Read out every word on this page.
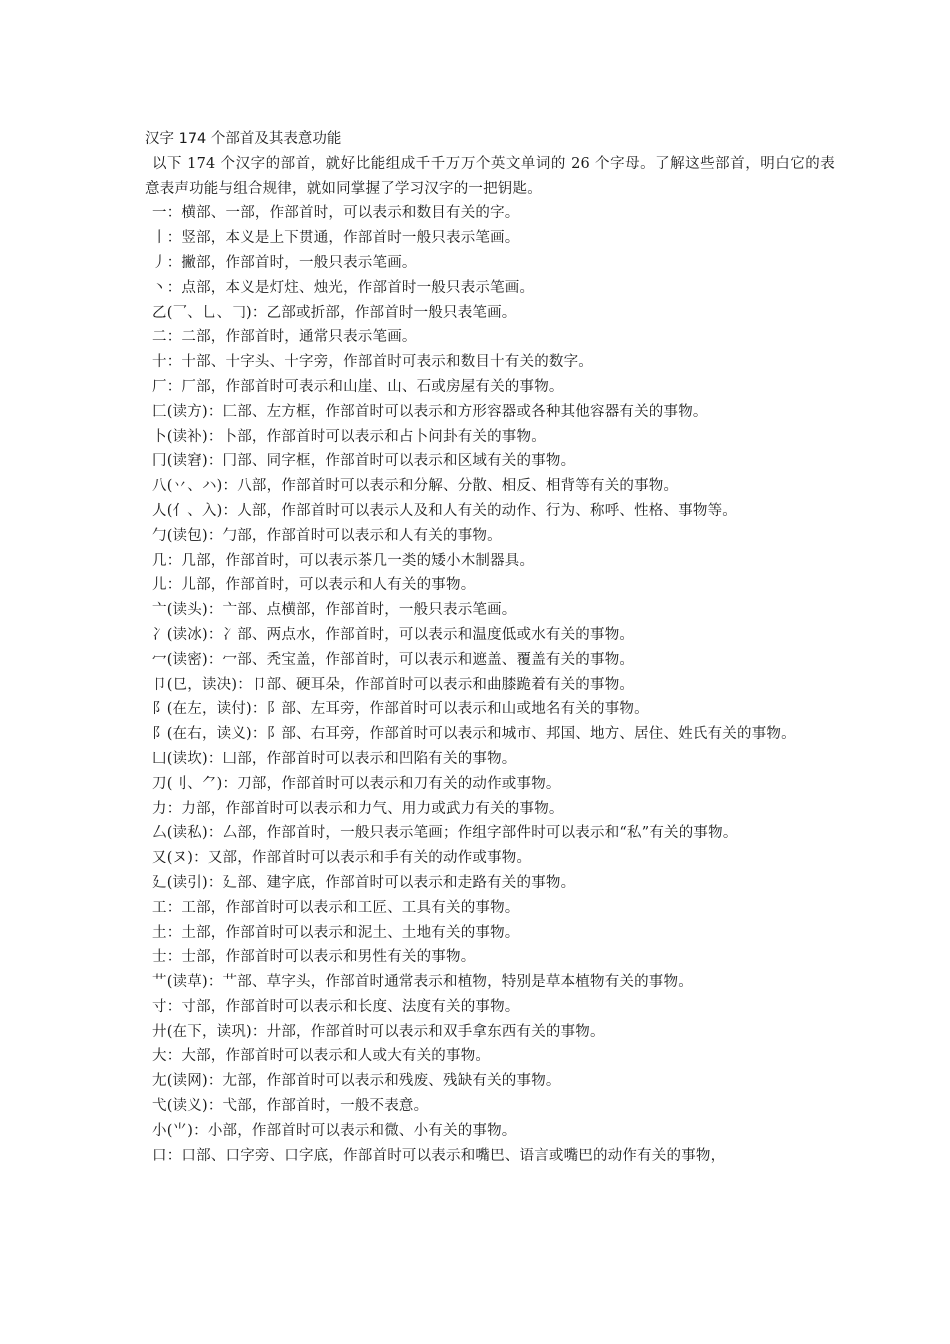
汉字 174 个部首及其表意功能

以下 174 个汉字的部首，就好比能组成千千万万个英文单词的 26 个字母。了解这些部首，明白它的表意表声功能与组合规律，就如同掌握了学习汉字的一把钥匙。

一：横部、一部，作部首时，可以表示和数目有关的字。

丨：竖部，本义是上下贯通，作部首时一般只表示笔画。

丿：撇部，作部首时，一般只表示笔画。

丶：点部，本义是灯炷、烛光，作部首时一般只表示笔画。

乙(乛、乚、𠃌)：乙部或折部，作部首时一般只表笔画。

二：二部，作部首时，通常只表示笔画。

十：十部、十字头、十字旁，作部首时可表示和数目十有关的数字。

厂：厂部，作部首时可表示和山崖、山、石或房屋有关的事物。

匚(读方)：匚部、左方框，作部首时可以表示和方形容器或各种其他容器有关的事物。

卜(读补)：卜部，作部首时可以表示和占卜问卦有关的事物。

冂(读窘)：冂部、同字框，作部首时可以表示和区域有关的事物。

八(丷、ハ)：八部，作部首时可以表示和分解、分散、相反、相背等有关的事物。

人(亻、入)：人部，作部首时可以表示人及和人有关的动作、行为、称呼、性格、事物等。

勹(读包)：勹部，作部首时可以表示和人有关的事物。

几：几部，作部首时，可以表示茶几一类的矮小木制器具。

儿：儿部，作部首时，可以表示和人有关的事物。

亠(读头)：亠部、点横部，作部首时，一般只表示笔画。

冫(读冰)：冫部、两点水，作部首时，可以表示和温度低或水有关的事物。

冖(读密)：冖部、秃宝盖，作部首时，可以表示和遮盖、覆盖有关的事物。

卩(㔾，读决)：卩部、硬耳朵，作部首时可以表示和曲膝跪着有关的事物。

阝(在左，读付)：阝部、左耳旁，作部首时可以表示和山或地名有关的事物。

阝(在右，读义)：阝部、右耳旁，作部首时可以表示和城市、邦国、地方、居住、姓氏有关的事物。

凵(读坎)：凵部，作部首时可以表示和凹陷有关的事物。

刀(刂、⺈)：刀部，作部首时可以表示和刀有关的动作或事物。

力：力部，作部首时可以表示和力气、用力或武力有关的事物。

厶(读私)：厶部，作部首时，一般只表示笔画；作组字部件时可以表示和“私”有关的事物。

又(ヌ)：又部，作部首时可以表示和手有关的动作或事物。

廴(读引)：廴部、建字底，作部首时可以表示和走路有关的事物。

工：工部，作部首时可以表示和工匠、工具有关的事物。

土：土部，作部首时可以表示和泥土、土地有关的事物。

士：士部，作部首时可以表示和男性有关的事物。

艹(读草)：艹部、草字头，作部首时通常表示和植物，特别是草本植物有关的事物。

寸：寸部，作部首时可以表示和长度、法度有关的事物。

廾(在下，读巩)：廾部，作部首时可以表示和双手拿东西有关的事物。

大：大部，作部首时可以表示和人或大有关的事物。

尢(读网)：尢部，作部首时可以表示和残废、残缺有关的事物。

弋(读义)：弋部，作部首时，一般不表意。

小(⺌)：小部，作部首时可以表示和微、小有关的事物。

口：口部、口字旁、口字底，作部首时可以表示和嘴巴、语言或嘴巴的动作有关的事物，
